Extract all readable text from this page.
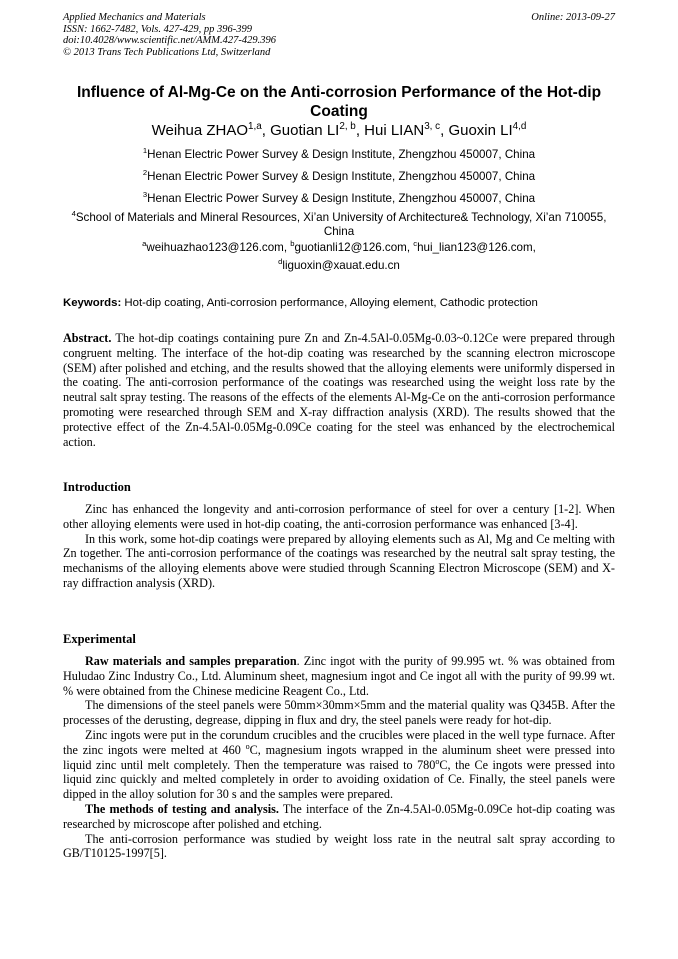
Applied Mechanics and Materials
ISSN: 1662-7482, Vols. 427-429, pp 396-399
doi:10.4028/www.scientific.net/AMM.427-429.396
© 2013 Trans Tech Publications Ltd, Switzerland
Online: 2013-09-27
Influence of Al-Mg-Ce on the Anti-corrosion Performance of the Hot-dip Coating
Weihua ZHAO$^{1,a}$, Guotian LI$^{2, b}$, Hui LIAN$^{3, c}$, Guoxin LI$^{4,d}$
$^1$Henan Electric Power Survey & Design Institute, Zhengzhou 450007, China
$^2$Henan Electric Power Survey & Design Institute, Zhengzhou 450007, China
$^3$Henan Electric Power Survey & Design Institute, Zhengzhou 450007, China
$^4$School of Materials and Mineral Resources, Xi’an University of Architecture& Technology, Xi’an 710055, China
$^a$weihuazhao123@126.com, $^b$guotianli12@126.com, $^c$hui_lian123@126.com,
$^d$liguoxin@xauat.edu.cn
Keywords: Hot-dip coating, Anti-corrosion performance, Alloying element, Cathodic protection

Abstract. The hot-dip coatings containing pure Zn and Zn-4.5Al-0.05Mg-0.03~0.12Ce were prepared through congruent melting. The interface of the hot-dip coating was researched by the scanning electron microscope (SEM) after polished and etching, and the results showed that the alloying elements were uniformly dispersed in the coating. The anti-corrosion performance of the coatings was researched using the weight loss rate by the neutral salt spray testing. The reasons of the effects of the elements Al-Mg-Ce on the anti-corrosion performance promoting were researched through SEM and X-ray diffraction analysis (XRD). The results showed that the protective effect of the Zn-4.5Al-0.05Mg-0.09Ce coating for the steel was enhanced by the electrochemical action.

Introduction

Zinc has enhanced the longevity and anti-corrosion performance of steel for over a century [1-2]. When other alloying elements were used in hot-dip coating, the anti-corrosion performance was enhanced [3-4].

In this work, some hot-dip coatings were prepared by alloying elements such as Al, Mg and Ce melting with Zn together. The anti-corrosion performance of the coatings was researched by the neutral salt spray testing, the mechanisms of the alloying elements above were studied through Scanning Electron Microscope (SEM) and X-ray diffraction analysis (XRD).

Experimental

Raw materials and samples preparation. Zinc ingot with the purity of 99.995 wt. % was obtained from Huludao Zinc Industry Co., Ltd. Aluminum sheet, magnesium ingot and Ce ingot all with the purity of 99.99 wt. % were obtained from the Chinese medicine Reagent Co., Ltd.

The dimensions of the steel panels were 50mm×30mm×5mm and the material quality was Q345B. After the processes of the derusting, degrease, dipping in flux and dry, the steel panels were ready for hot-dip.

Zinc ingots were put in the corundum crucibles and the crucibles were placed in the well type furnace. After the zinc ingots were melted at 460 $^o$C, magnesium ingots wrapped in the aluminum sheet were pressed into liquid zinc until melt completely. Then the temperature was raised to 780$^o$C, the Ce ingots were pressed into liquid zinc quickly and melted completely in order to avoiding oxidation of Ce. Finally, the steel panels were dipped in the alloy solution for 30 s and the samples were prepared.

The methods of testing and analysis. The interface of the Zn-4.5Al-0.05Mg-0.09Ce hot-dip coating was researched by microscope after polished and etching.

The anti-corrosion performance was studied by weight loss rate in the neutral salt spray according to GB/T10125-1997[5].
